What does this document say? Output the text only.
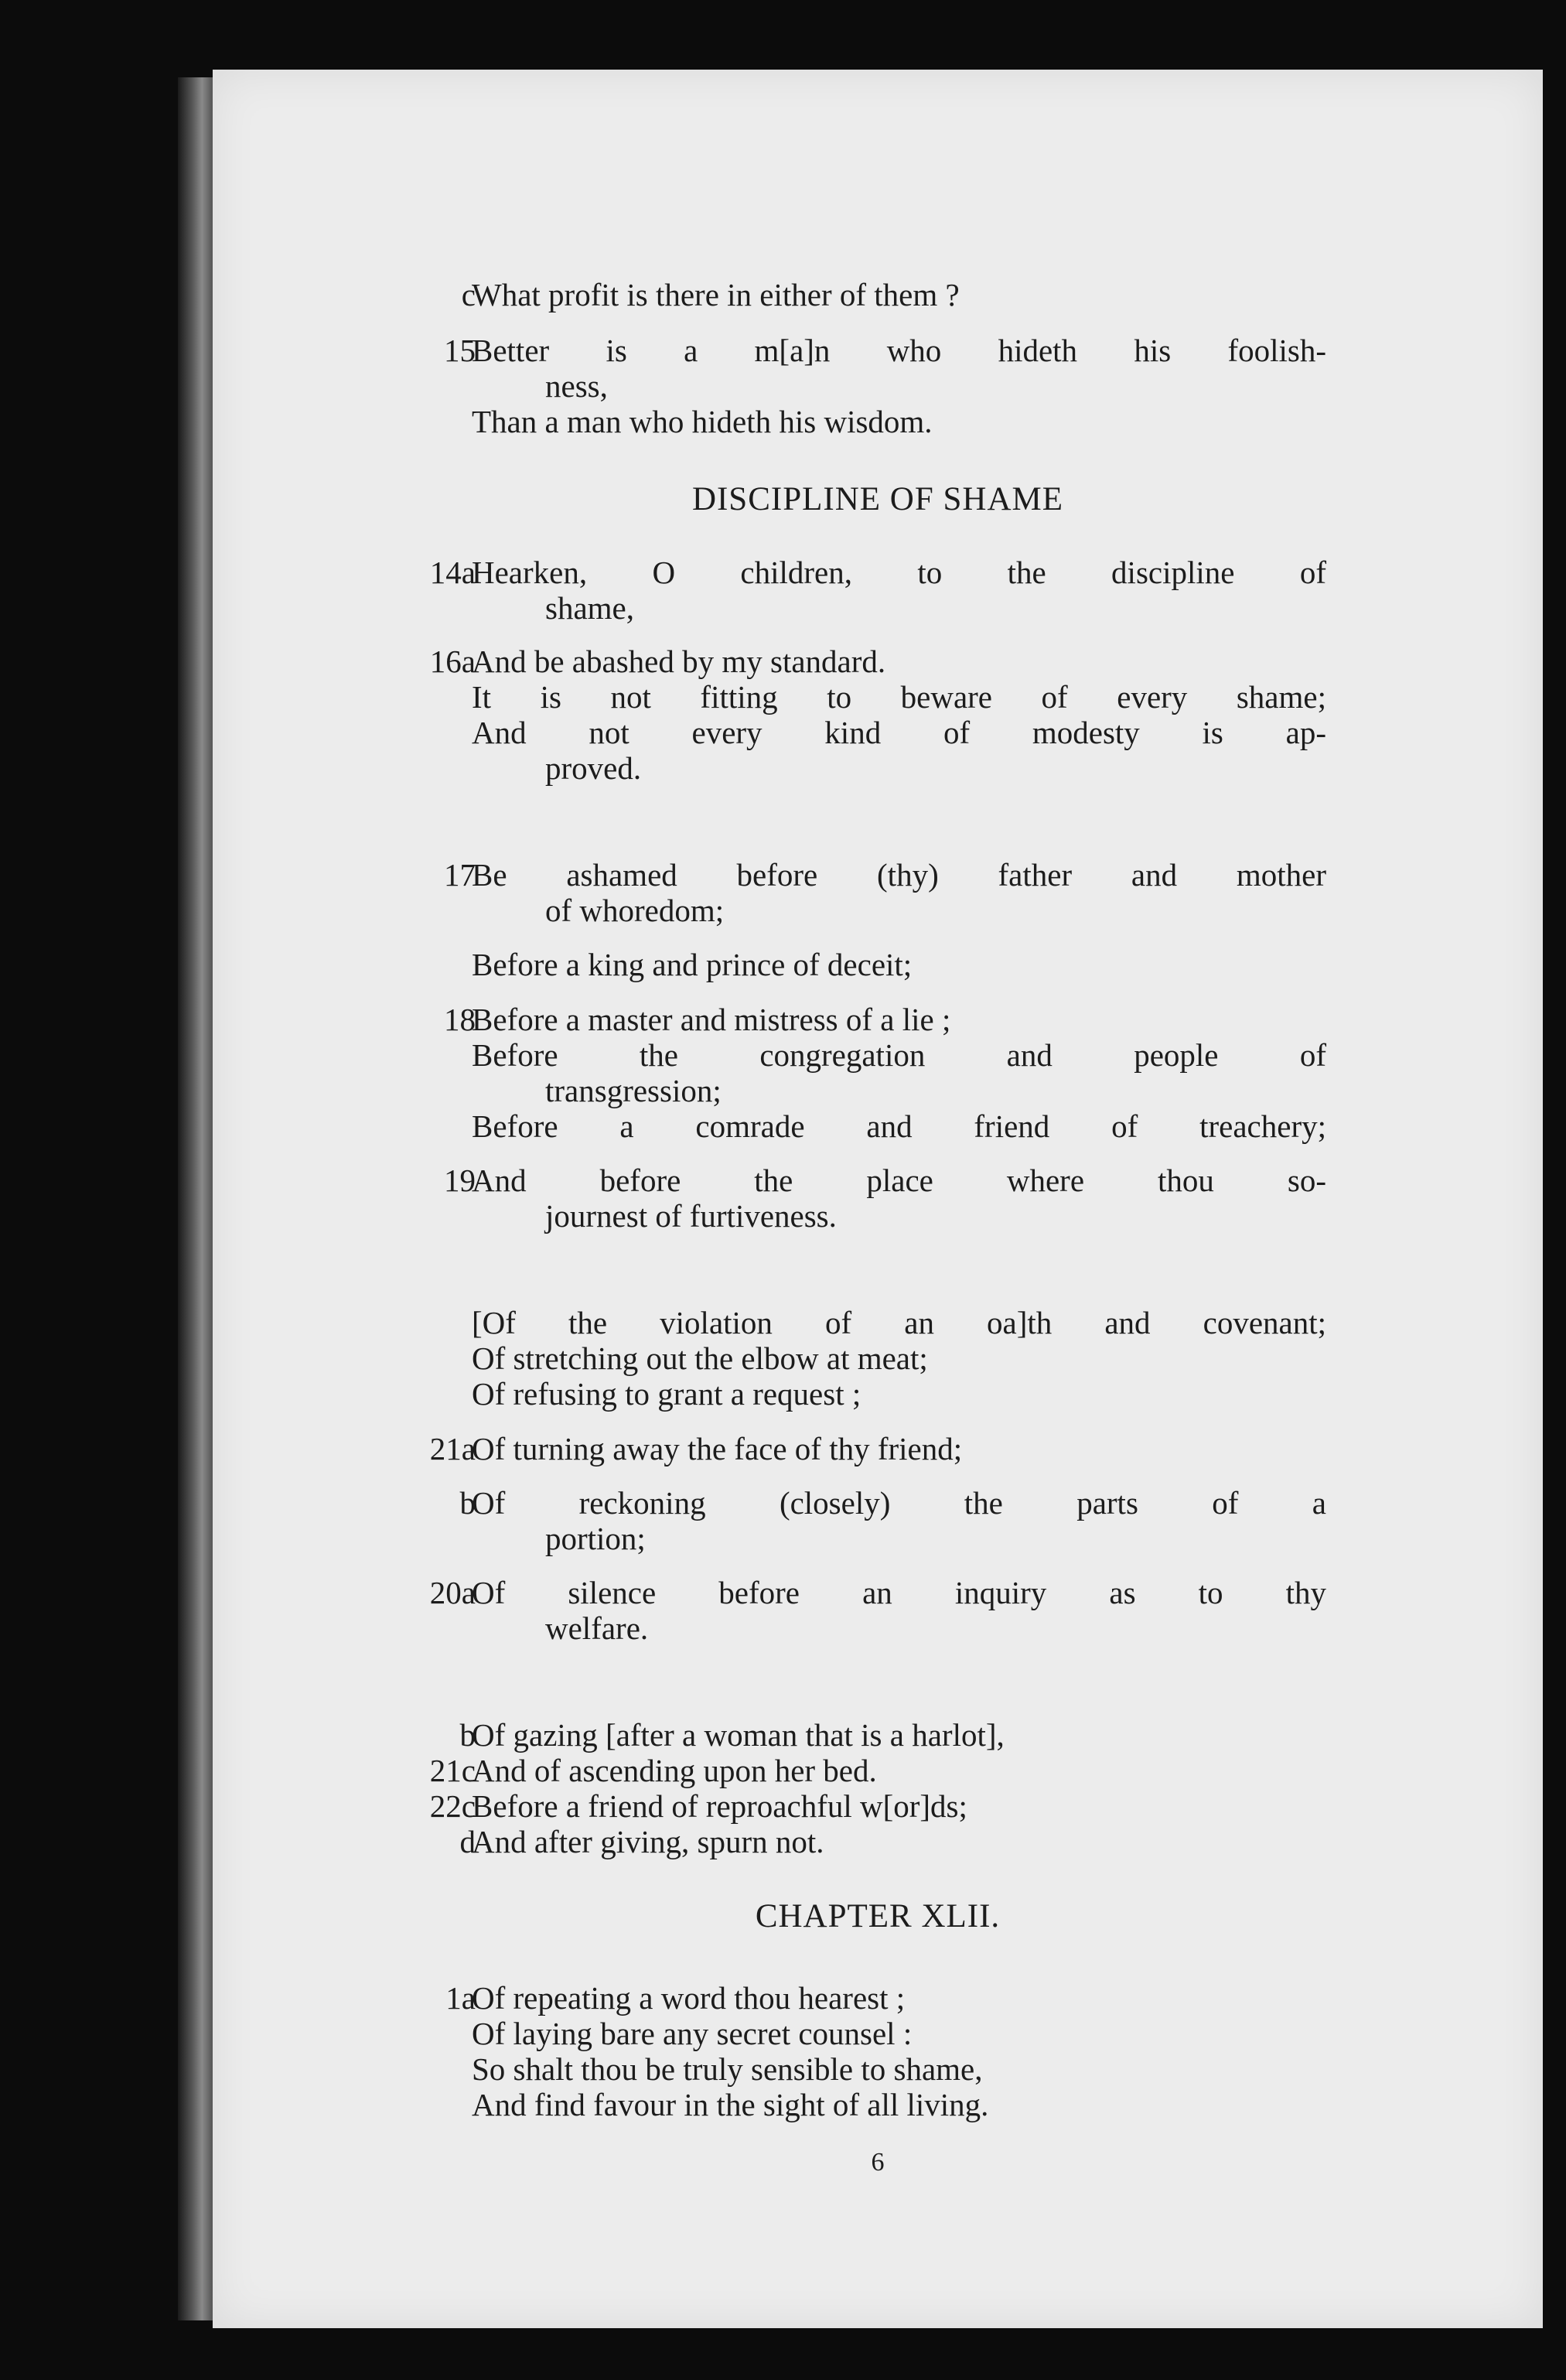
c
What profit is there in either of them ?
15
Better is a m[a]n who hideth his foolish-
ness,
Than a man who hideth his wisdom.
DISCIPLINE OF SHAME
14a
Hearken, O children, to the discipline of
shame,
16a
And be abashed by my standard.
It is not fitting to beware of every shame;
And not every kind of modesty is ap-
proved.
17
Be ashamed before (thy) father and mother
of whoredom;
Before a king and prince of deceit;
18
Before a master and mistress of a lie ;
Before the congregation and people of
transgression;
Before a comrade and friend of treachery;
19
And before the place where thou so-
journest of furtiveness.
[Of the violation of an oa]th and covenant;
Of stretching out the elbow at meat;
Of refusing to grant a request ;
21a
Of turning away the face of thy friend;
b
Of reckoning (closely) the parts of a
portion;
20a
Of silence before an inquiry as to thy
welfare.
b
Of gazing [after a woman that is a harlot],
21c
And of ascending upon her bed.
22c
Before a friend of reproachful w[or]ds;
d
And after giving, spurn not.
CHAPTER XLII.
1a
Of repeating a word thou hearest ;
Of laying bare any secret counsel :
So shalt thou be truly sensible to shame,
And find favour in the sight of all living.
6
